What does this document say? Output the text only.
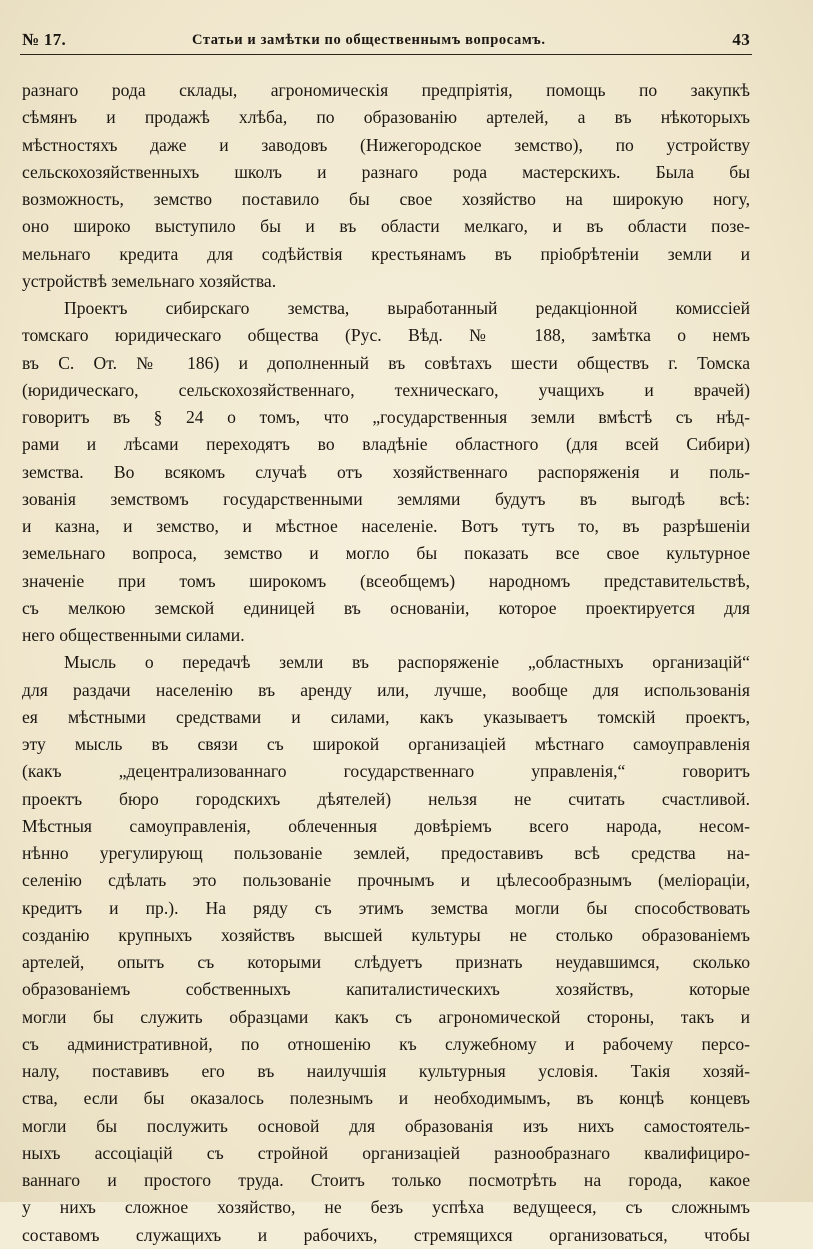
№ 17.	Статьи и замѣтки по общественнымъ вопросамъ.	43
разнаго рода склады, агрономическія предпріятія, помощь по закупкѣ
сѣмянъ и продажѣ хлѣба, по образованію артелей, а въ нѣкоторыхъ
мѣстностяхъ даже и заводовъ (Нижегородское земство), по устройству
сельскохозяйственныхъ школъ и разнаго рода мастерскихъ. Была бы
возможность, земство поставило бы свое хозяйство на широкую ногу,
оно широко выступило бы и въ области мелкаго, и въ области позе-
мельнаго кредита для содѣйствія крестьянамъ въ пріобрѣтеніи земли и
устройствѣ земельнаго хозяйства.
Проектъ сибирскаго земства, выработанный редакціонной комиссіей
томскаго юридическаго общества (Рус. Вѣд. № 188, замѣтка о немъ
въ С. От. № 186) и дополненный въ совѣтахъ шести обществъ г. Томска
(юридическаго, сельскохозяйственнаго, техническаго, учащихъ и врачей)
говоритъ въ § 24 о томъ, что „государственныя земли вмѣстѣ съ нѣд-
рами и лѣсами переходятъ во владѣніе областного (для всей Сибири)
земства. Во всякомъ случаѣ отъ хозяйственнаго распоряженія и поль-
зованія земствомъ государственными землями будутъ въ выгодѣ всѣ:
и казна, и земство, и мѣстное населеніе. Вотъ тутъ то, въ разрѣшеніи
земельнаго вопроса, земство и могло бы показать все свое культурное
значеніе при томъ широкомъ (всеобщемъ) народномъ представительствѣ,
съ мелкою земской единицей въ основаніи, которое проектируется для
него общественными силами.
Мысль о передачѣ земли въ распоряженіе „областныхъ организацій“
для раздачи населенію въ аренду или, лучше, вообще для использованія
ея мѣстными средствами и силами, какъ указываетъ томскій проектъ,
эту мысль въ связи съ широкой организаціей мѣстнаго самоуправленія
(какъ „децентрализованнаго государственнаго управленія,“ говоритъ
проектъ бюро городскихъ дѣятелей) нельзя не считать счастливой.
Мѣстныя самоуправленія, облеченныя довѣріемъ всего народа, несом-
нѣнно урегулирующ пользованіе землей, предоставивъ всѣ средства на-
селенію сдѣлать это пользованіе прочнымъ и цѣлесообразнымъ (меліораціи,
кредитъ и пр.). На ряду съ этимъ земства могли бы способствовать
созданію крупныхъ хозяйствъ высшей культуры не столько образованіемъ
артелей, опытъ съ которыми слѣдуетъ признать неудавшимся, сколько
образованіемъ собственныхъ капиталистическихъ хозяйствъ, которые
могли бы служить образцами какъ съ агрономической стороны, такъ и
съ административной, по отношенію къ служебному и рабочему персо-
налу, поставивъ его въ наилучшія культурныя условія. Такія хозяй-
ства, если бы оказалось полезнымъ и необходимымъ, въ концѣ концевъ
могли бы послужить основой для образованія изъ нихъ самостоятель-
ныхъ ассоціацій съ стройной организаціей разнообразнаго квалифициро-
ваннаго и простого труда. Стоитъ только посмотрѣть на города, какое
у нихъ сложное хозяйство, не безъ успѣха ведущееся, съ сложнымъ
составомъ служащихъ и рабочихъ, стремящихся организоваться, чтобы
